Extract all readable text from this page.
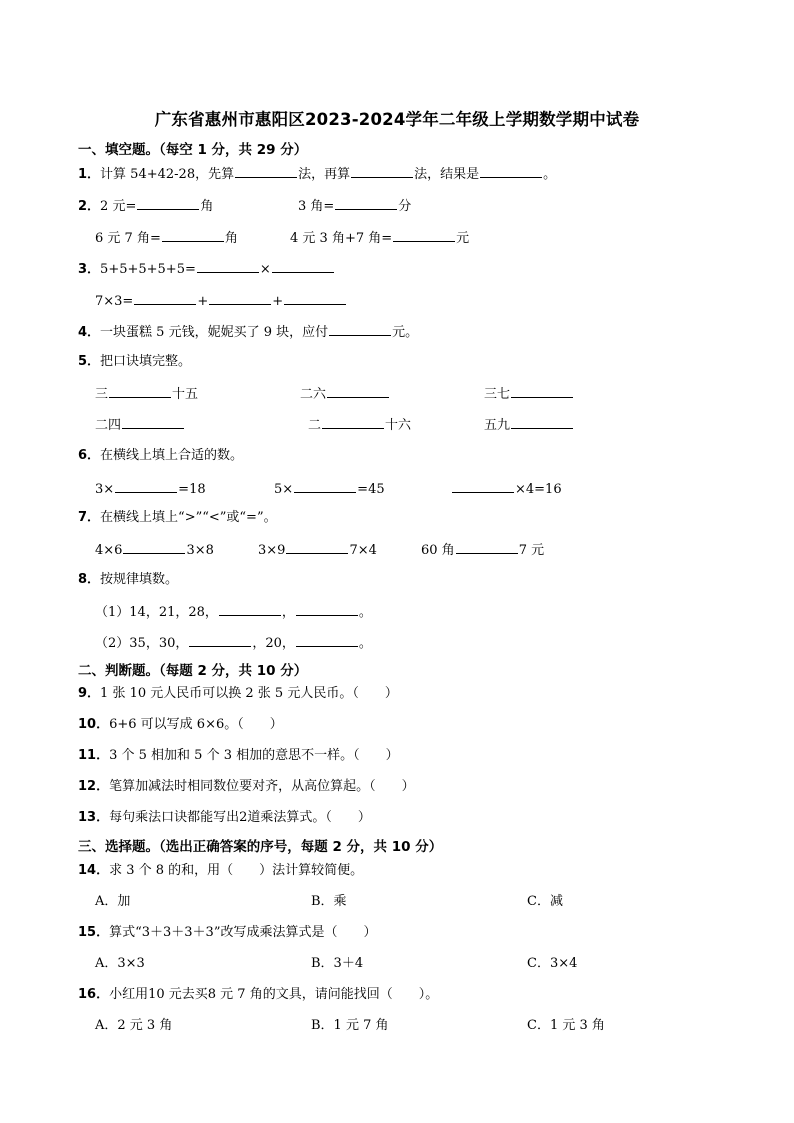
广东省惠州市惠阳区2023-2024学年二年级上学期数学期中试卷
一、填空题。（每空 1 分，共 29 分）
1．计算 54+42-28，先算	法，再算	法，结果是	。
2．2 元=	角	3 角=	分
6 元 7 角=	角	4 元 3 角+7 角=	元
3．5+5+5+5+5=	×
7×3=	+	+
4．一块蛋糕 5 元钱，妮妮买了 9 块，应付	元。
5．把口诀填完整。
三	十五	二六	三七
二四	二	十六	五九
6．在横线上填上合适的数。
3×	=18	5×	=45	×4=16
7．在横线上填上“>”“<”或“=”。
4×6	3×8	3×9	7×4	60 角	7 元
8．按规律填数。
（1）14，21，28，	，	。
（2）35，30，	，20，	。
二、判断题。（每题 2 分，共 10 分）
9．1 张 10 元人民币可以换 2 张 5 元人民币。（　　）
10．6+6 可以写成 6×6。（　　）
11．3 个 5 相加和 5 个 3 相加的意思不一样。（　　）
12．笔算加减法时相同数位要对齐，从高位算起。（　　）
13．每句乘法口诀都能写出2道乘法算式。（　　）
三、选择题。（选出正确答案的序号，每题 2 分，共 10 分）
14．求 3 个 8 的和，用（　　）法计算较简便。
A．加	B．乘	C．减
15．算式“3＋3＋3＋3”改写成乘法算式是（　　）
A．3×3	B．3＋4	C．3×4
16．小红用10 元去买8 元 7 角的文具，请问能找回（　　）。
A．2 元 3 角	B．1 元 7 角	C．1 元 3 角
